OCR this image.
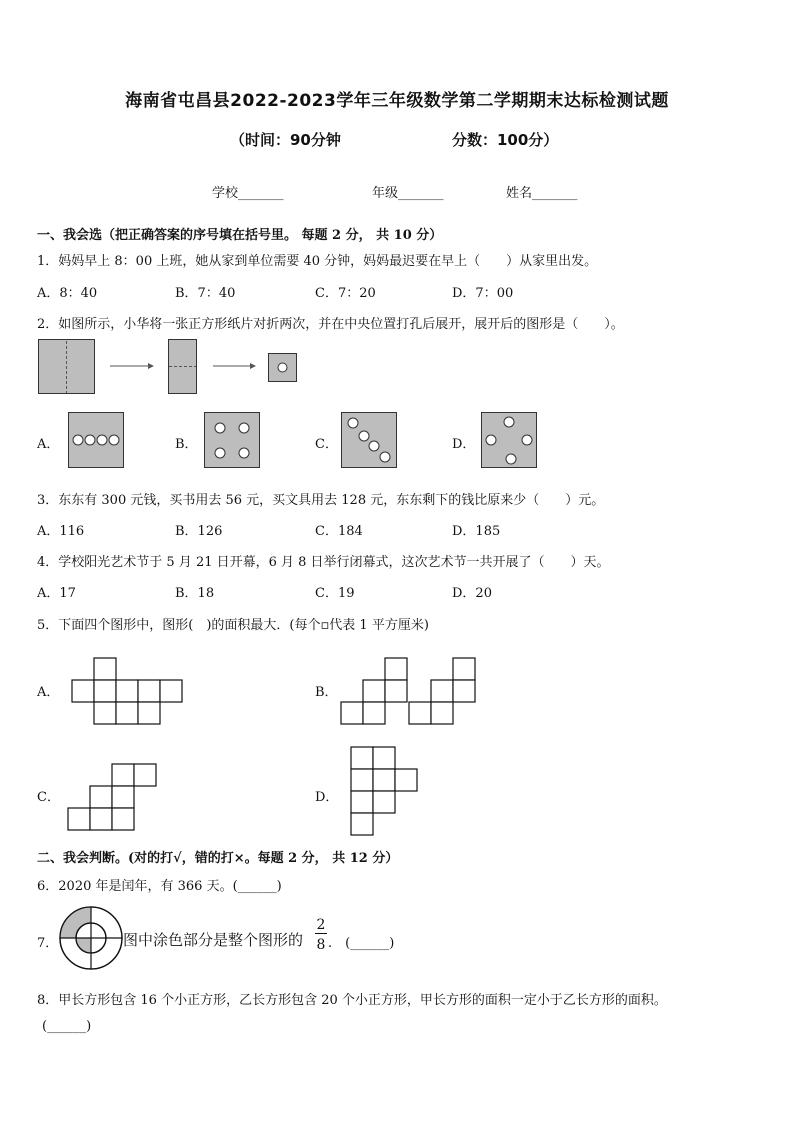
海南省屯昌县2022-2023学年三年级数学第二学期期末达标检测试题
（时间：90分钟	分数：100分）
学校_______	年级_______	姓名_______
一、我会选（把正确答案的序号填在括号里。 每题 2 分， 共 10 分）
1．妈妈早上 8：00 上班，她从家到单位需要 40 分钟，妈妈最迟要在早上（　　）从家里出发。
A．8：40	B．7：40	C．7：20	D．7：00
2．如图所示，小华将一张正方形纸片对折两次，并在中央位置打孔后展开，展开后的图形是（　　）。
A．	B．	C．	D．
3．东东有 300 元钱，买书用去 56 元，买文具用去 128 元，东东剩下的钱比原来少（　　）元。
A．116	B．126	C．184	D．185
4．学校阳光艺术节于 5 月 21 日开幕，6 月 8 日举行闭幕式，这次艺术节一共开展了（　　）天。
A．17	B．18	C．19	D．20
5．下面四个图形中，图形(　)的面积最大．(每个▫代表 1 平方厘米)
A．	B．
C．	D．
二、我会判断。(对的打√，错的打×。每题 2 分， 共 12 分）
6．2020 年是闰年，有 366 天。(______)
7．	图中涂色部分是整个图形的
2
8 .　(______)
8．甲长方形包含 16 个小正方形，乙长方形包含 20 个小正方形，甲长方形的面积一定小于乙长方形的面积。
(______)
